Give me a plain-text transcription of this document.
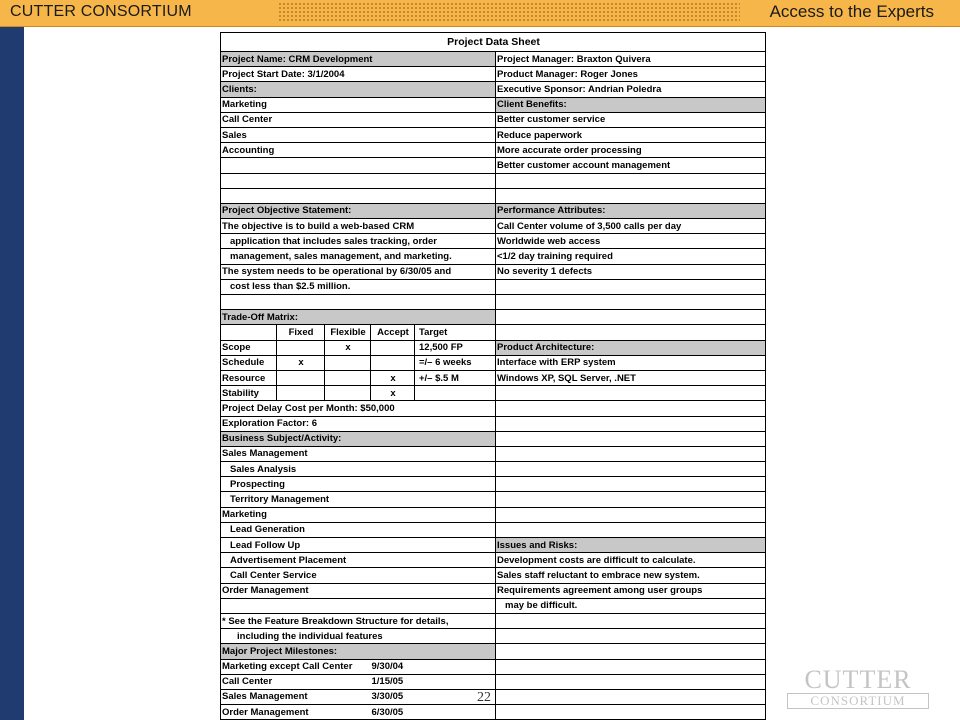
CUTTER CONSORTIUM	Access to the Experts
Project Data Sheet					
Project Name: CRM Development					Project Manager: Braxton Quivera
Project Start Date: 3/1/2004					Product Manager: Roger Jones
Clients:					Executive Sponsor: Andrian Poledra
Marketing					Client Benefits:
Call Center					Better customer service
Sales					Reduce paperwork
Accounting					More accurate order processing
					Better customer account management

Project Objective Statement:					Performance Attributes:
The objective is to build a web-based CRM					Call Center volume of 3,500 calls per day
application that includes sales tracking, order					Worldwide web access
management, sales management, and marketing.					<1/2 day training required
The system needs to be operational by 6/30/05 and					No severity 1 defects
cost less than $2.5 million.					

Trade-Off Matrix:					
	Fixed	Flexible	Accept	Target	
Scope		x		12,500 FP	Product Architecture:
Schedule	x			=/– 6 weeks	Interface with ERP system
Resource			x	+/– $.5 M	Windows XP, SQL Server, .NET
Stability			x		
Project Delay Cost per Month: $50,000					
Exploration Factor: 6					
Business Subject/Activity:					
Sales Management					
Sales Analysis					
Prospecting					
Territory Management					
Marketing					
Lead Generation					
Lead Follow Up					Issues and Risks:
Advertisement Placement					Development costs are difficult to calculate.
Call Center Service					Sales staff reluctant to embrace new system.
Order Management					Requirements agreement among user groups
					may be difficult.
* See the Feature Breakdown Structure for details,					
including the individual features					
Major Project Milestones:					
Marketing except Call Center			9/30/04		
Call Center			1/15/05		
Sales Management			3/30/05		
Order Management			6/30/05		
22
CUTTER
CONSORTIUM
